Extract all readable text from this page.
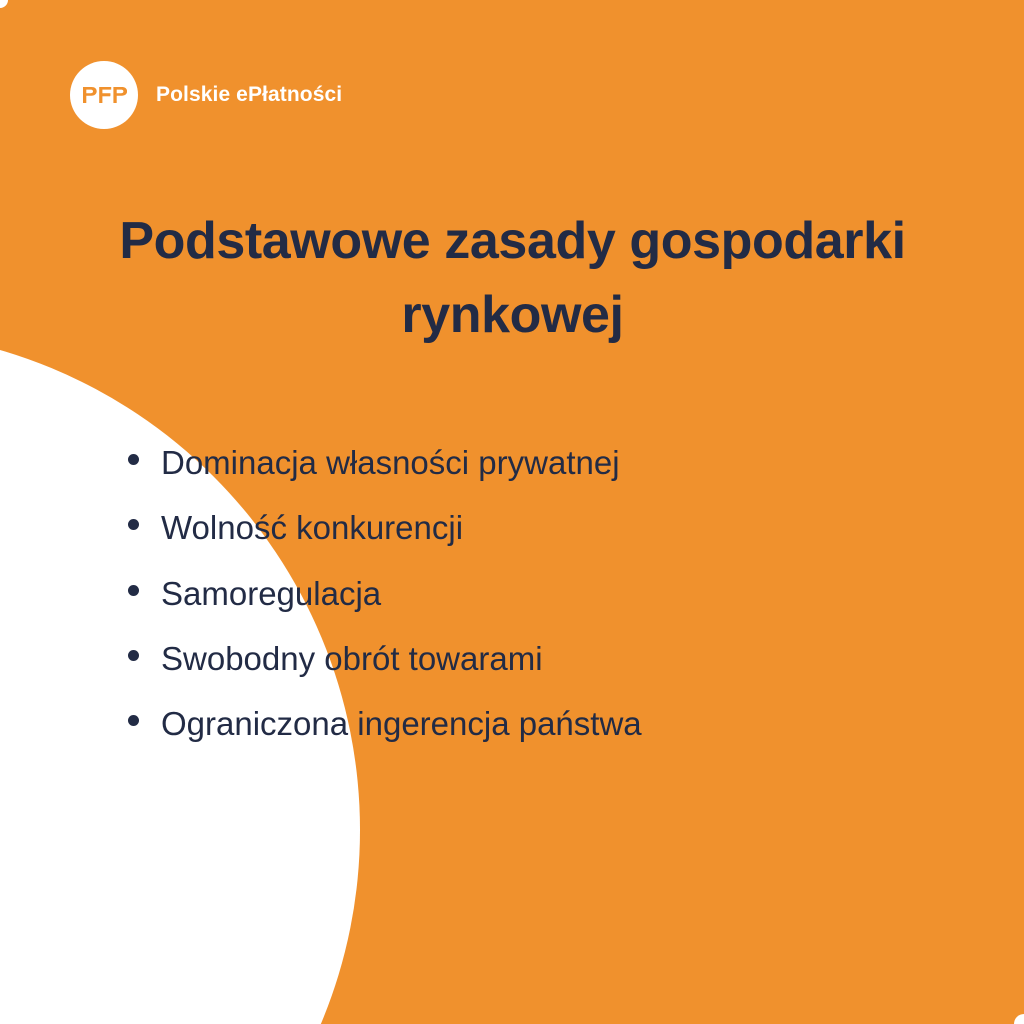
Polskie ePłatności
Podstawowe zasady gospodarki rynkowej
Dominacja własności prywatnej
Wolność konkurencji
Samoregulacja
Swobodny obrót towarami
Ograniczona ingerencja państwa
